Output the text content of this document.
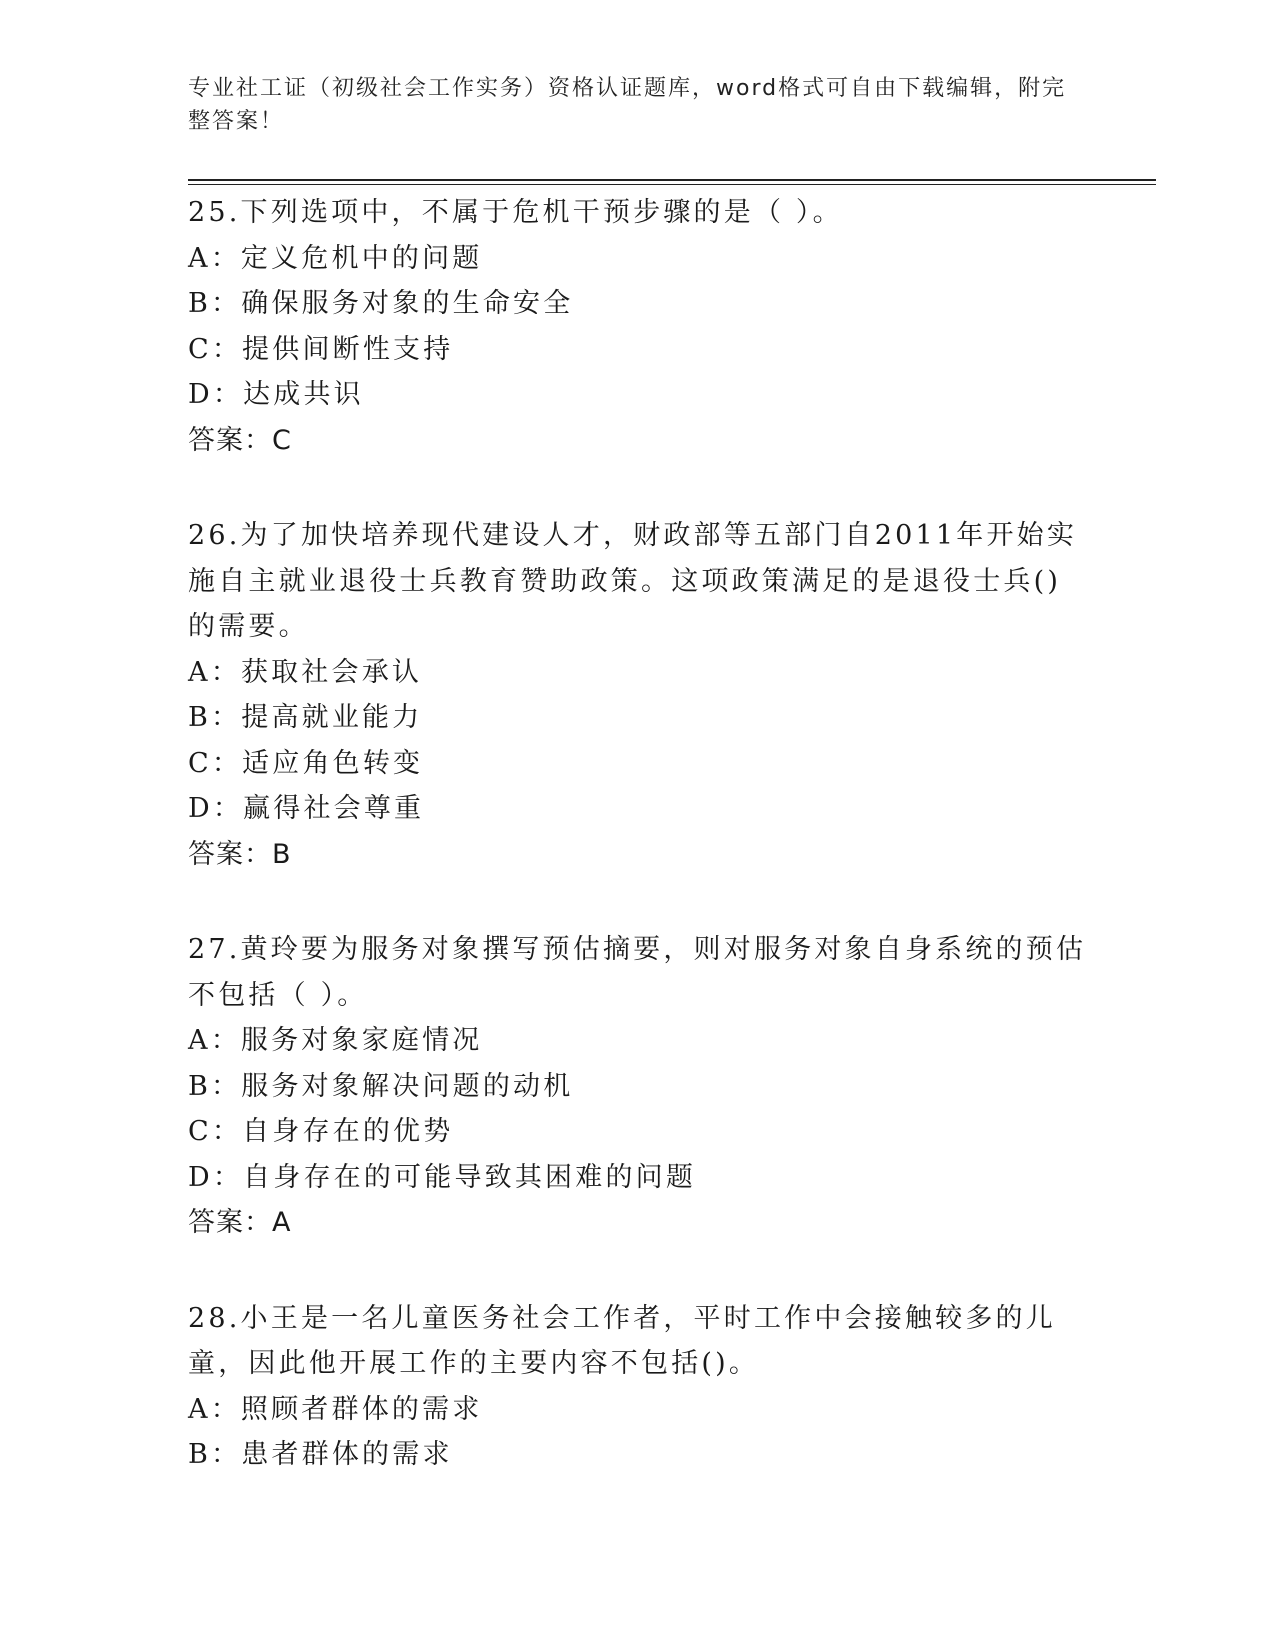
专业社工证（初级社会工作实务）资格认证题库，word格式可自由下载编辑，附完整答案！

25.下列选项中，不属于危机干预步骤的是（ ）。

A：定义危机中的问题

B：确保服务对象的生命安全

C：提供间断性支持

D：达成共识

答案：C

26.为了加快培养现代建设人才，财政部等五部门自2011年开始实施自主就业退役士兵教育赞助政策。这项政策满足的是退役士兵()的需要。

A：获取社会承认

B：提高就业能力

C：适应角色转变

D：赢得社会尊重

答案：B

27.黄玲要为服务对象撰写预估摘要，则对服务对象自身系统的预估不包括（ ）。

A：服务对象家庭情况

B：服务对象解决问题的动机

C：自身存在的优势

D：自身存在的可能导致其困难的问题

答案：A

28.小王是一名儿童医务社会工作者，平时工作中会接触较多的儿童，因此他开展工作的主要内容不包括()。

A：照顾者群体的需求

B：患者群体的需求
